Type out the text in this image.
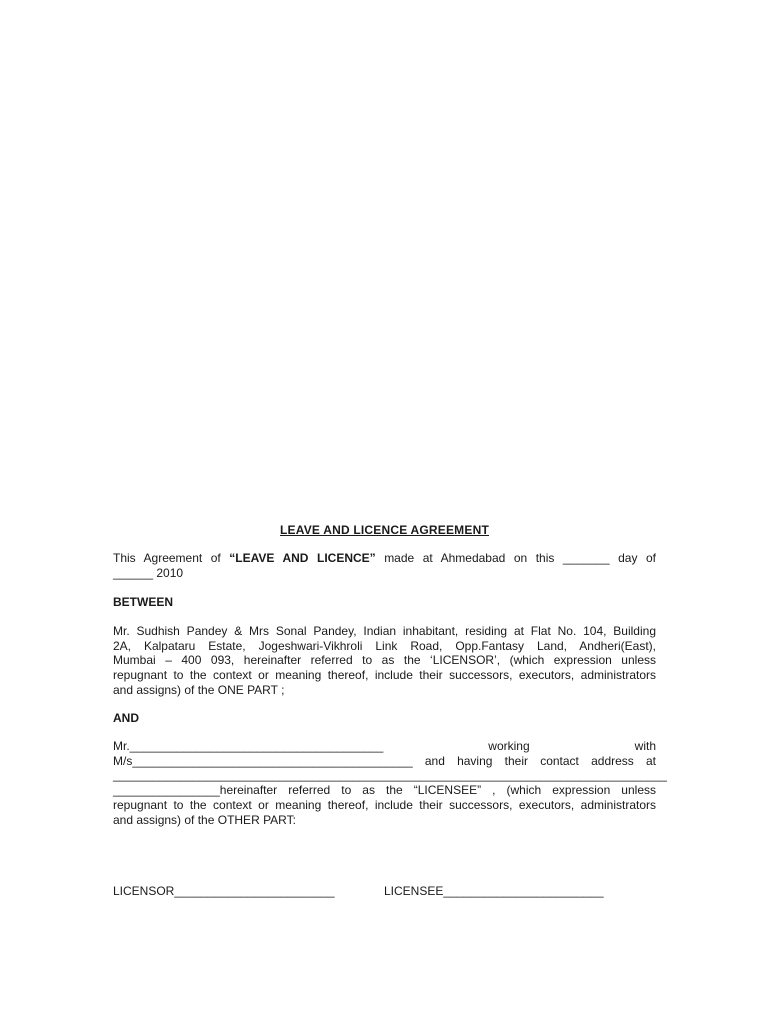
LEAVE AND LICENCE AGREEMENT
This Agreement of “LEAVE AND LICENCE” made at Ahmedabad on this _______ day of
______ 2010
BETWEEN
Mr. Sudhish Pandey & Mrs Sonal Pandey, Indian inhabitant, residing at Flat No. 104, Building
2A, Kalpataru Estate, Jogeshwari-Vikhroli Link Road, Opp.Fantasy Land, Andheri(East),
Mumbai – 400 093, hereinafter referred to as the ‘LICENSOR’, (which expression unless
repugnant to the context or meaning thereof, include their successors, executors, administrators
and assigns) of the ONE PART ;
AND
Mr.______________________________________ working with
M/s__________________________________________ and having their contact address at
___________________________________________________________________________________
________________hereinafter referred to as the “LICENSEE” , (which expression unless
repugnant to the context or meaning thereof, include their successors, executors, administrators
and assigns) of the OTHER PART:
LICENSOR________________________	LICENSEE________________________
